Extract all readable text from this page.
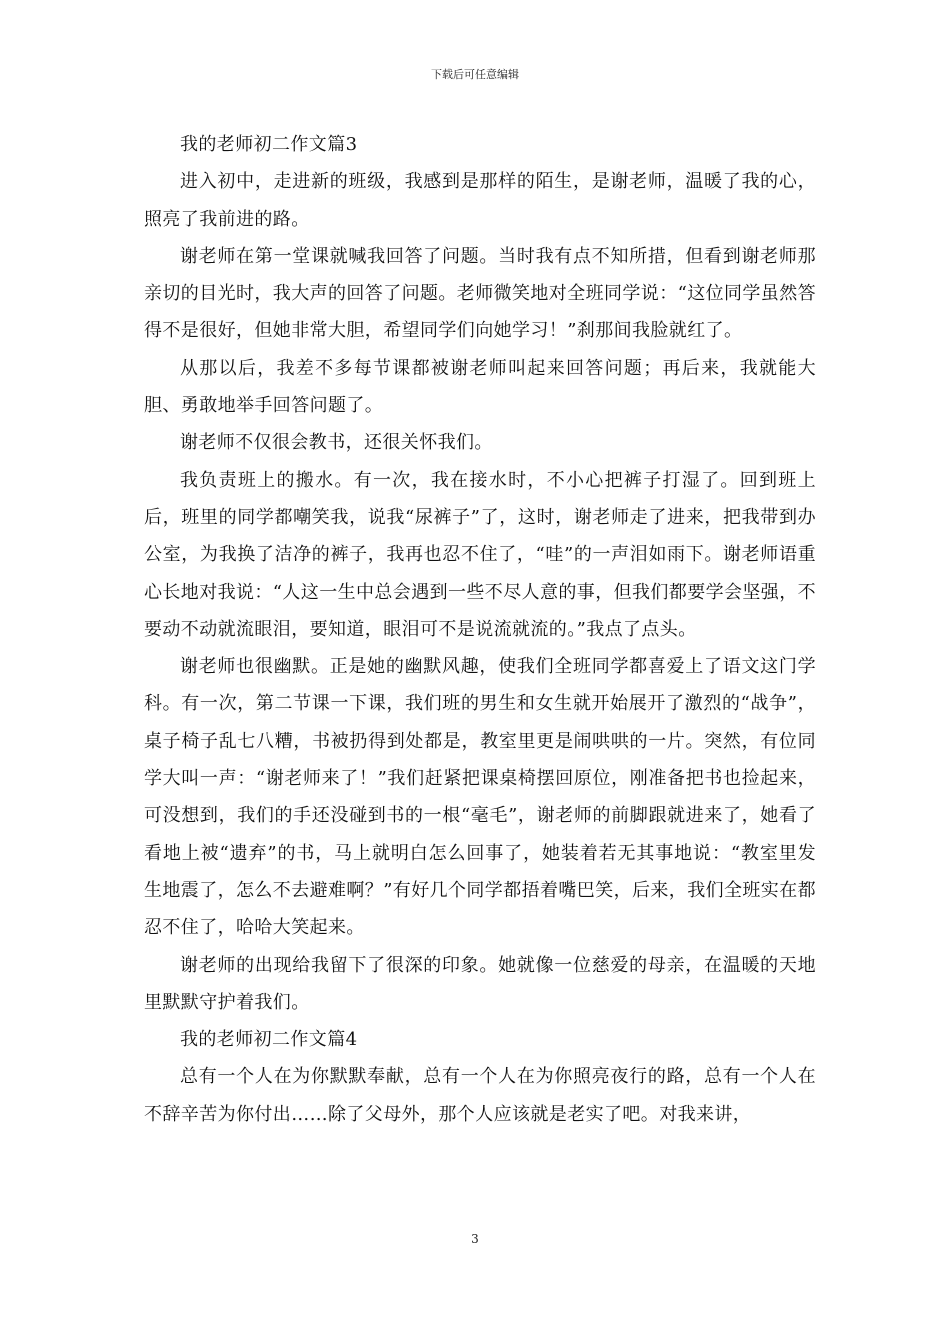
下载后可任意编辑

我的老师初二作文篇3

进入初中，走进新的班级，我感到是那样的陌生，是谢老师，温暖了我的心，照亮了我前进的路。

谢老师在第一堂课就喊我回答了问题。当时我有点不知所措，但看到谢老师那亲切的目光时，我大声的回答了问题。老师微笑地对全班同学说：“这位同学虽然答得不是很好，但她非常大胆，希望同学们向她学习！”刹那间我脸就红了。

从那以后，我差不多每节课都被谢老师叫起来回答问题；再后来，我就能大胆、勇敢地举手回答问题了。

谢老师不仅很会教书，还很关怀我们。

我负责班上的搬水。有一次，我在接水时，不小心把裤子打湿了。回到班上后，班里的同学都嘲笑我，说我“尿裤子”了，这时，谢老师走了进来，把我带到办公室，为我换了洁净的裤子，我再也忍不住了，“哇”的一声泪如雨下。谢老师语重心长地对我说：“人这一生中总会遇到一些不尽人意的事，但我们都要学会坚强，不要动不动就流眼泪，要知道，眼泪可不是说流就流的。”我点了点头。

谢老师也很幽默。正是她的幽默风趣，使我们全班同学都喜爱上了语文这门学科。有一次，第二节课一下课，我们班的男生和女生就开始展开了激烈的“战争”，桌子椅子乱七八糟，书被扔得到处都是，教室里更是闹哄哄的一片。突然，有位同学大叫一声：“谢老师来了！”我们赶紧把课桌椅摆回原位，刚准备把书也捡起来，可没想到，我们的手还没碰到书的一根“毫毛”，谢老师的前脚跟就进来了，她看了看地上被“遗弃”的书，马上就明白怎么回事了，她装着若无其事地说：“教室里发生地震了，怎么不去避难啊？”有好几个同学都捂着嘴巴笑，后来，我们全班实在都忍不住了，哈哈大笑起来。

谢老师的出现给我留下了很深的印象。她就像一位慈爱的母亲，在温暖的天地里默默守护着我们。

我的老师初二作文篇4

总有一个人在为你默默奉献，总有一个人在为你照亮夜行的路，总有一个人在不辞辛苦为你付出……除了父母外，那个人应该就是老实了吧。对我来讲，

3
